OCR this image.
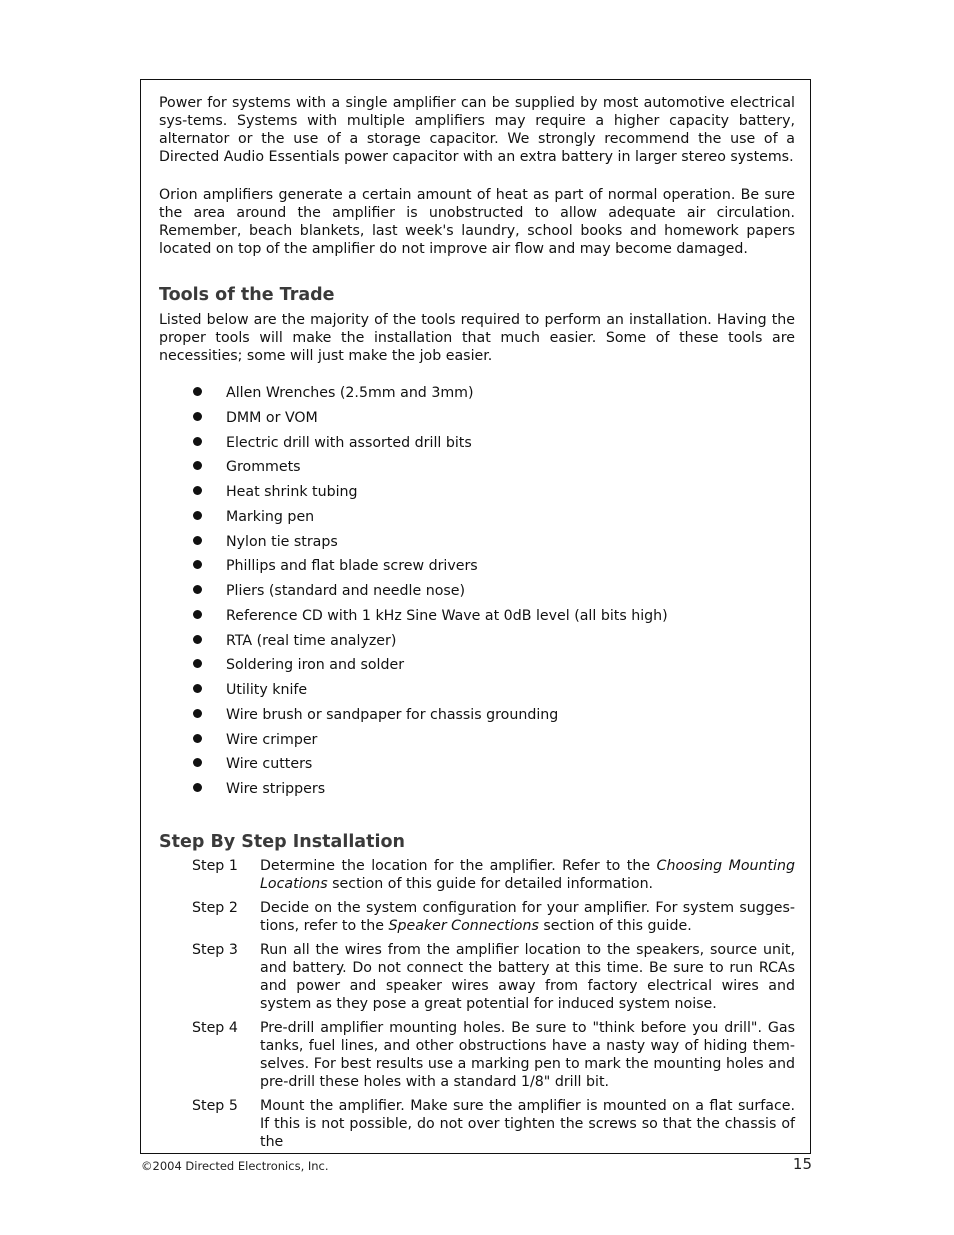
Power for systems with a single amplifier can be supplied by most automotive electrical sys-tems. Systems with multiple amplifiers may require a higher capacity battery, alternator or the use of a storage capacitor. We strongly recommend the use of a Directed Audio Essentials power capacitor with an extra battery in larger stereo systems.

Orion amplifiers generate a certain amount of heat as part of normal operation. Be sure the area around the amplifier is unobstructed to allow adequate air circulation. Remember, beach blankets, last week's laundry, school books and homework papers located on top of the amplifier do not improve air flow and may become damaged.

Tools of the Trade

Listed below are the majority of the tools required to perform an installation. Having the proper tools will make the installation that much easier. Some of these tools are necessities; some will just make the job easier.

Allen Wrenches (2.5mm and 3mm)
DMM or VOM
Electric drill with assorted drill bits
Grommets
Heat shrink tubing
Marking pen
Nylon tie straps
Phillips and flat blade screw drivers
Pliers (standard and needle nose)
Reference CD with 1 kHz Sine Wave at 0dB level (all bits high)
RTA (real time analyzer)
Soldering iron and solder
Utility knife
Wire brush or sandpaper for chassis grounding
Wire crimper
Wire cutters
Wire strippers
Step By Step Installation
Step 1	Determine the location for the amplifier. Refer to the Choosing Mounting Locations section of this guide for detailed information.
Step 2	Decide on the system configuration for your amplifier. For system sugges-tions, refer to the Speaker Connections section of this guide.
Step 3	Run all the wires from the amplifier location to the speakers, source unit, and battery. Do not connect the battery at this time. Be sure to run RCAs and power and speaker wires away from factory electrical wires and system as they pose a great potential for induced system noise.
Step 4	Pre-drill amplifier mounting holes. Be sure to "think before you drill". Gas tanks, fuel lines, and other obstructions have a nasty way of hiding them-selves. For best results use a marking pen to mark the mounting holes and pre-drill these holes with a standard 1/8" drill bit.
Step 5	Mount the amplifier. Make sure the amplifier is mounted on a flat surface. If this is not possible, do not over tighten the screws so that the chassis of the
©2004 Directed Electronics, Inc.	15
